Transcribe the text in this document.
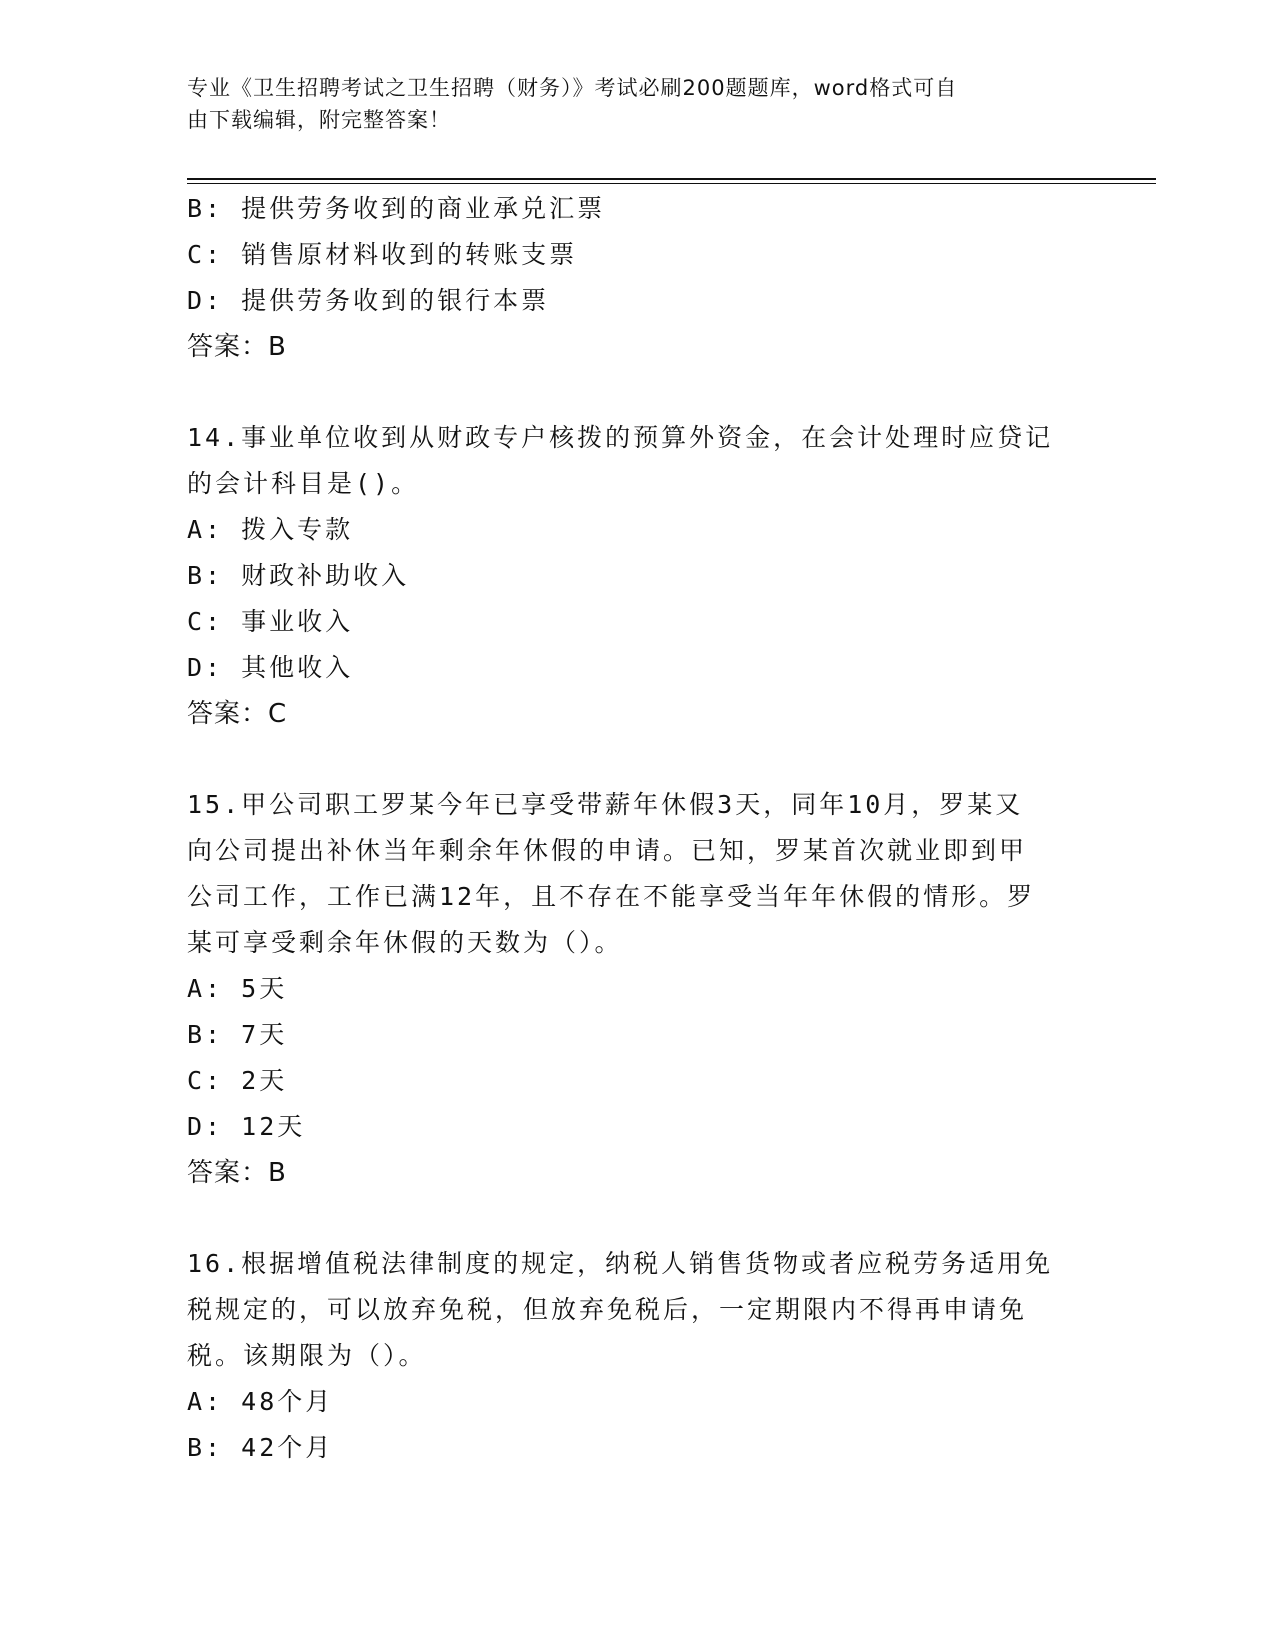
专业《卫生招聘考试之卫生招聘（财务）》考试必刷200题题库，word格式可自
由下载编辑，附完整答案！
B: 提供劳务收到的商业承兑汇票
C: 销售原材料收到的转账支票
D: 提供劳务收到的银行本票
答案：B
14.事业单位收到从财政专户核拨的预算外资金，在会计处理时应贷记
的会计科目是()。
A: 拨入专款
B: 财政补助收入
C: 事业收入
D: 其他收入
答案：C
15.甲公司职工罗某今年已享受带薪年休假3天，同年10月，罗某又
向公司提出补休当年剩余年休假的申请。已知，罗某首次就业即到甲
公司工作，工作已满12年，且不存在不能享受当年年休假的情形。罗
某可享受剩余年休假的天数为（）。
A: 5天
B: 7天
C: 2天
D: 12天
答案：B
16.根据增值税法律制度的规定，纳税人销售货物或者应税劳务适用免
税规定的，可以放弃免税，但放弃免税后，一定期限内不得再申请免
税。该期限为（）。
A: 48个月
B: 42个月
